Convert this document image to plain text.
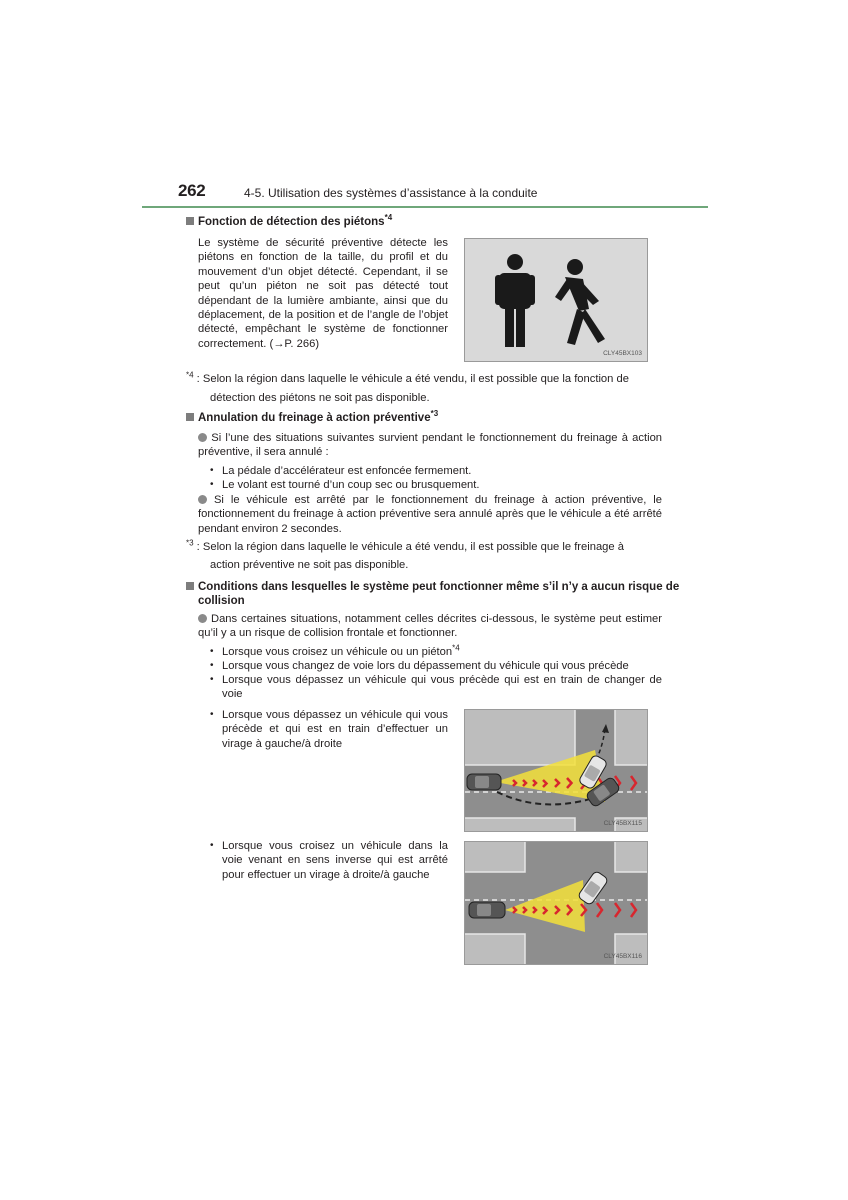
262	4-5. Utilisation des systèmes d’assistance à la conduite
Fonction de détection des piétons$^{*4}$
Le système de sécurité préventive détecte les piétons en fonction de la taille, du profil et du mouvement d’un objet détecté. Cependant, il se peut qu’un piéton ne soit pas détecté tout dépendant de la lumière ambiante, ainsi que du déplacement, de la position et de l’angle de l’objet détecté, empêchant le système de fonctionner correctement. (→P. 266)
CLY45BX103
$^{*4}$ : Selon la région dans laquelle le véhicule a été vendu, il est possible que la fonction de
détection des piétons ne soit pas disponible.
Annulation du freinage à action préventive$^{*3}$
Si l’une des situations suivantes survient pendant le fonctionnement du freinage à action préventive, il sera annulé :
• La pédale d’accélérateur est enfoncée fermement.
• Le volant est tourné d’un coup sec ou brusquement.
Si le véhicule est arrêté par le fonctionnement du freinage à action préventive, le fonctionnement du freinage à action préventive sera annulé après que le véhicule a été arrêté pendant environ 2 secondes.
$^{*3}$ : Selon la région dans laquelle le véhicule a été vendu, il est possible que le freinage à
action préventive ne soit pas disponible.
Conditions dans lesquelles le système peut fonctionner même s’il n’y a aucun risque de
collision
Dans certaines situations, notamment celles décrites ci-dessous, le système peut estimer qu’il y a un risque de collision frontale et fonctionner.
• Lorsque vous croisez un véhicule ou un piéton$^{*4}$
• Lorsque vous changez de voie lors du dépassement du véhicule qui vous précède
• Lorsque vous dépassez un véhicule qui vous précède qui est en train de changer de voie
• Lorsque vous dépassez un véhicule qui vous précède et qui est en train d’effectuer un virage à gauche/à droite
CLY45BX115
• Lorsque vous croisez un véhicule dans la voie venant en sens inverse qui est arrêté pour effectuer un virage à droite/à gauche
CLY45BX116
